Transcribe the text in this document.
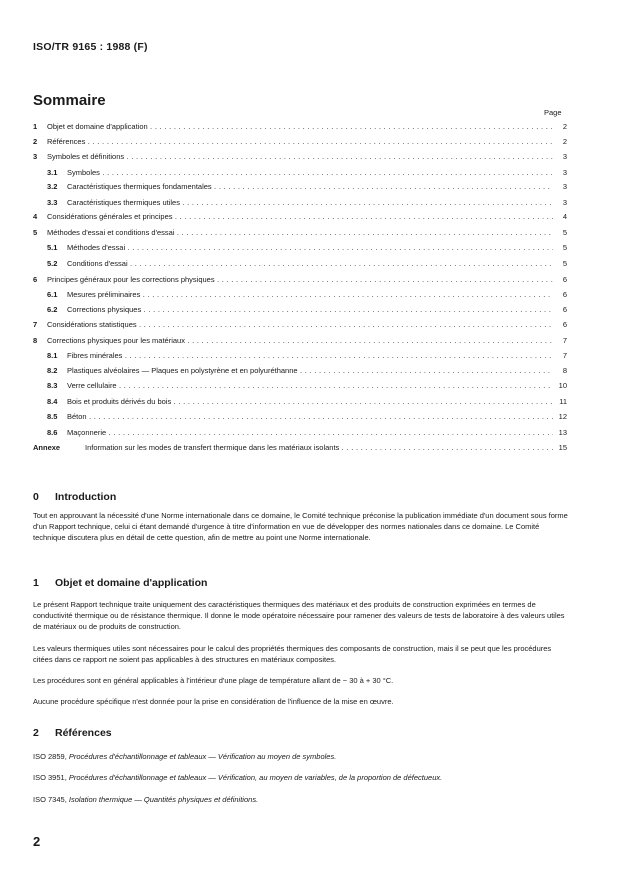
ISO/TR 9165 : 1988 (F)
Sommaire
Page
1 Objet et domaine d'application . . .	2
2 Références . . .	2
3 Symboles et définitions . . .	3
3.1 Symboles . . .	3
3.2 Caractéristiques thermiques fondamentales . . .	3
3.3 Caractéristiques thermiques utiles . . .	3
4 Considérations générales et principes . . .	4
5 Méthodes d'essai et conditions d'essai . . .	5
5.1 Méthodes d'essai . . .	5
5.2 Conditions d'essai . . .	5
6 Principes généraux pour les corrections physiques . . .	6
6.1 Mesures préliminaires . . .	6
6.2 Corrections physiques . . .	6
7 Considérations statistiques . . .	6
8 Corrections physiques pour les matériaux . . .	7
8.1 Fibres minérales . . .	7
8.2 Plastiques alvéolaires — Plaques en polystyrène et en polyuréthanne . . .	8
8.3 Verre cellulaire . . .	10
8.4 Bois et produits dérivés du bois . . .	11
8.5 Béton . . .	12
8.6 Maçonnerie . . .	13
Annexe	Information sur les modes de transfert thermique dans les matériaux isolants . . .	15
0 Introduction
Tout en approuvant la nécessité d'une Norme internationale dans ce domaine, le Comité technique préconise la publication immédiate d'un document sous forme d'un Rapport technique, celui ci étant demandé d'urgence à titre d'information en vue de développer des normes nationales dans ce domaine. Le Comité technique discutera plus en détail de cette question, afin de mettre au point une Norme internationale.
1 Objet et domaine d'application
Le présent Rapport technique traite uniquement des caractéristiques thermiques des matériaux et des produits de construction exprimées en termes de conductivité thermique ou de résistance thermique. Il donne le mode opératoire nécessaire pour ramener des valeurs de tests de laboratoire à des valeurs utiles de matériaux ou de produits de construction.
Les valeurs thermiques utiles sont nécessaires pour le calcul des propriétés thermiques des composants de construction, mais il se peut que les procédures citées dans ce rapport ne soient pas applicables à des structures en matériaux composites.
Les procédures sont en général applicables à l'intérieur d'une plage de température allant de − 30 à + 30 °C.
Aucune procédure spécifique n'est donnée pour la prise en considération de l'influence de la mise en œuvre.
2 Références
ISO 2859, Procédures d'échantillonnage et tableaux — Vérification au moyen de symboles.
ISO 3951, Procédures d'échantillonnage et tableaux — Vérification, au moyen de variables, de la proportion de défectueux.
ISO 7345, Isolation thermique — Quantités physiques et définitions.
2
